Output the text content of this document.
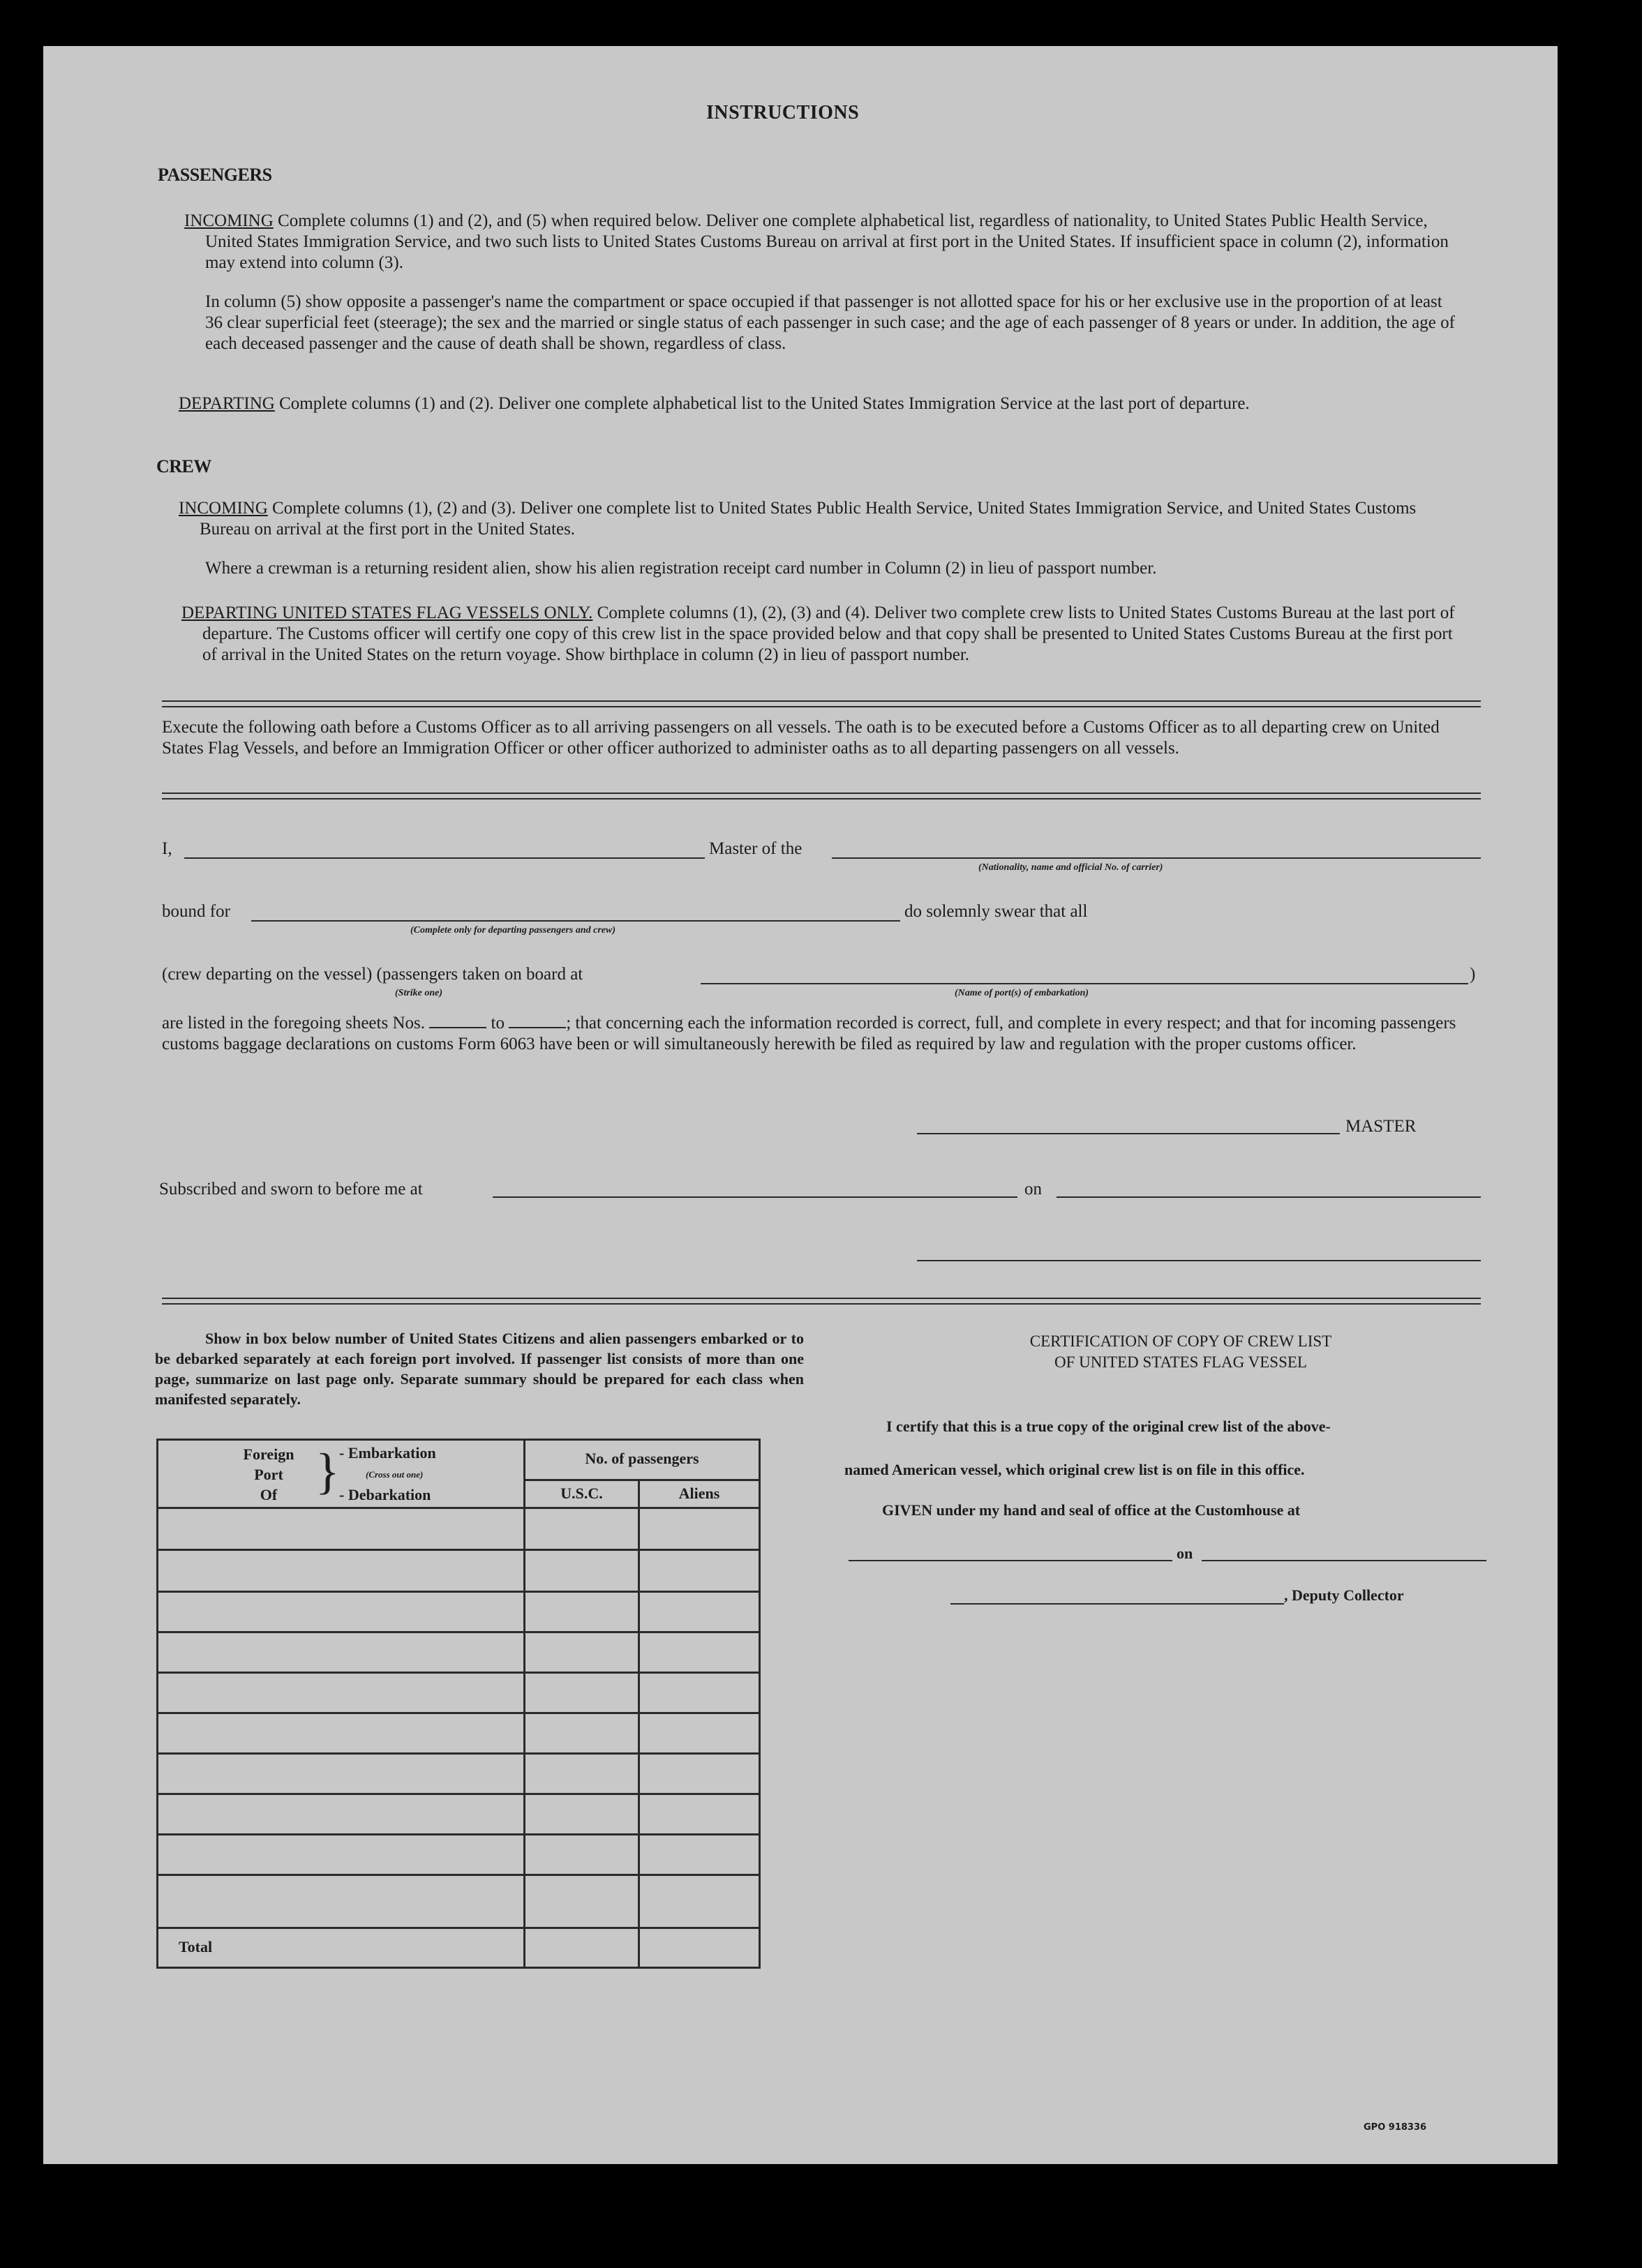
INSTRUCTIONS
PASSENGERS
INCOMING Complete columns (1) and (2), and (5) when required below. Deliver one complete alphabetical list, regardless of nationality, to United States Public Health Service, United States Immigration Service, and two such lists to United States Customs Bureau on arrival at first port in the United States. If insufficient space in column (2), information may extend into column (3).
In column (5) show opposite a passenger's name the compartment or space occupied if that passenger is not allotted space for his or her exclusive use in the proportion of at least 36 clear superficial feet (steerage); the sex and the married or single status of each passenger in such case; and the age of each passenger of 8 years or under. In addition, the age of each deceased passenger and the cause of death shall be shown, regardless of class.
DEPARTING Complete columns (1) and (2). Deliver one complete alphabetical list to the United States Immigration Service at the last port of departure.
CREW
INCOMING Complete columns (1), (2) and (3). Deliver one complete list to United States Public Health Service, United States Immigration Service, and United States Customs Bureau on arrival at the first port in the United States.
Where a crewman is a returning resident alien, show his alien registration receipt card number in Column (2) in lieu of passport number.
DEPARTING UNITED STATES FLAG VESSELS ONLY. Complete columns (1), (2), (3) and (4). Deliver two complete crew lists to United States Customs Bureau at the last port of departure. The Customs officer will certify one copy of this crew list in the space provided below and that copy shall be presented to United States Customs Bureau at the first port of arrival in the United States on the return voyage. Show birthplace in column (2) in lieu of passport number.
Execute the following oath before a Customs Officer as to all arriving passengers on all vessels. The oath is to be executed before a Customs Officer as to all departing crew on United States Flag Vessels, and before an Immigration Officer or other officer authorized to administer oaths as to all departing passengers on all vessels.
I,	Master of the
(Nationality, name and official No. of carrier)
bound for
(Complete only for departing passengers and crew)
do solemnly swear that all
(crew departing on the vessel) (passengers taken on board at
(Strike one)	(Name of port(s) of embarkation)
)
are listed in the foregoing sheets Nos.	to	; that concerning each the information recorded is correct, full, and complete in every respect; and that for incoming passengers customs baggage declarations on customs Form 6063 have been or will simultaneously herewith be filed as required by law and regulation with the proper customs officer.
MASTER
Subscribed and sworn to before me at	on
Show in box below number of United States Citizens and alien passengers embarked or to be debarked separately at each foreign port involved. If passenger list consists of more than one page, summarize on last page only. Separate summary should be prepared for each class when manifested separately.
Foreign
Port
Of } - Embarkation
(Cross out one)
- Debarkation
No. of passengers
U.S.C.	Aliens
Total
CERTIFICATION OF COPY OF CREW LIST
OF UNITED STATES FLAG VESSEL
I certify that this is a true copy of the original crew list of the above-
named American vessel, which original crew list is on file in this office.
GIVEN under my hand and seal of office at the Customhouse at
on
, Deputy Collector
GPO 918336
